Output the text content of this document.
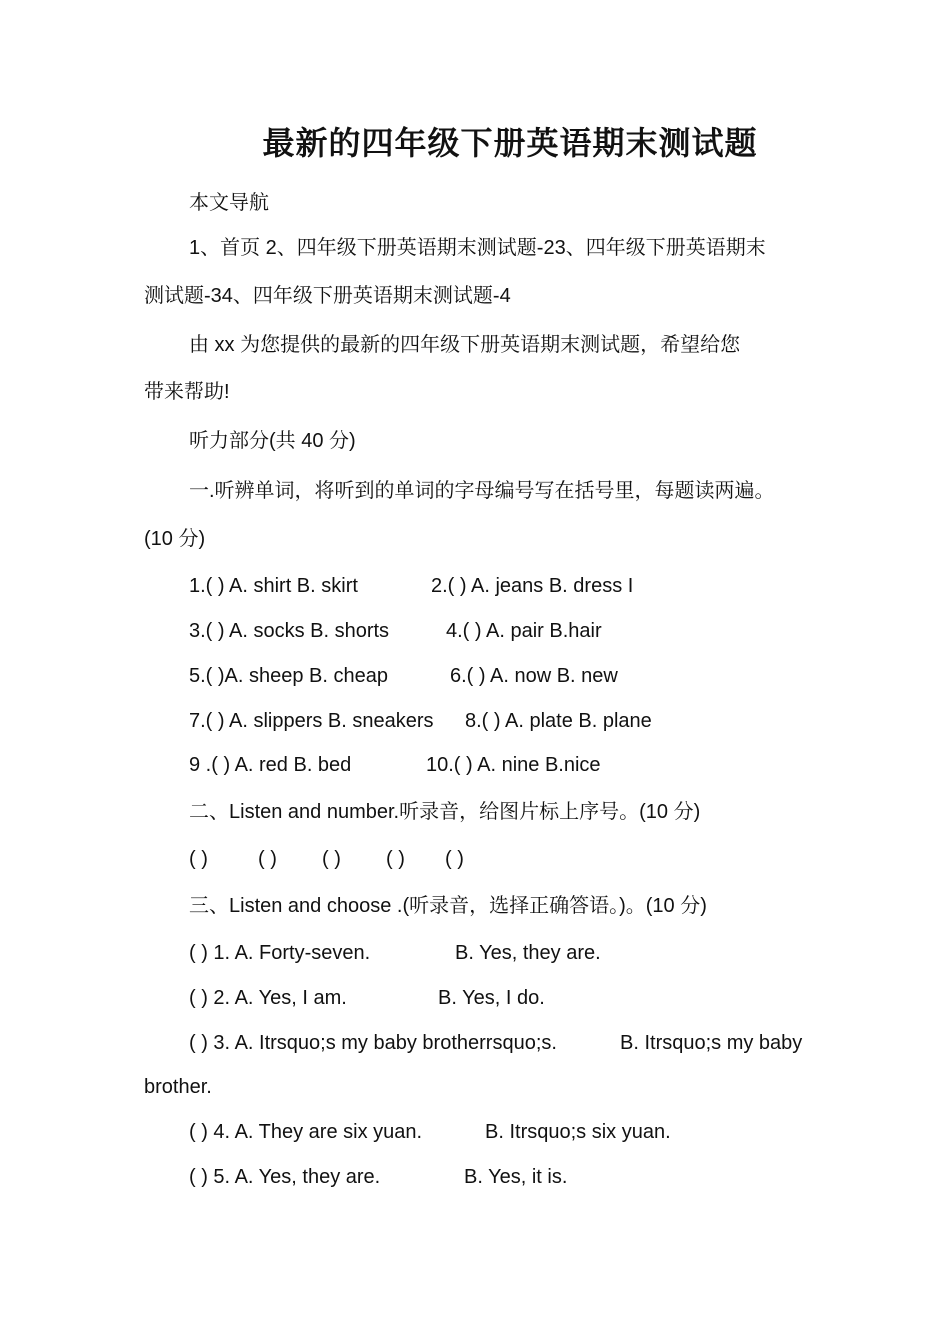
最新的四年级下册英语期末测试题
本文导航
1、首页 2、四年级下册英语期末测试题-23、四年级下册英语期末
测试题-34、四年级下册英语期末测试题-4
由 xx 为您提供的最新的四年级下册英语期末测试题，希望给您
带来帮助!
听力部分(共 40 分)
一.听辨单词，将听到的单词的字母编号写在括号里，每题读两遍。
(10 分)
1.( ) A. shirt B. skirt	2.( ) A. jeans B. dress I
3.( ) A. socks B. shorts	4.( ) A. pair B.hair
5.( )A. sheep B. cheap	6.( ) A. now B. new
7.( ) A. slippers B. sneakers 8.( ) A. plate B. plane
9 .( ) A. red B. bed	10.( ) A. nine B.nice
二、Listen and number.听录音，给图片标上序号。(10 分)
( )	( ) ( ) ( ) ( )
三、Listen and choose .(听录音，选择正确答语。)。(10 分)
( ) 1. A. Forty-seven.	B. Yes, they are.
( ) 2. A. Yes, I am.	B. Yes, I do.
( ) 3. A. Itrsquo;s my baby brotherrsquo;s.	B. Itrsquo;s my baby
brother.
( ) 4. A. They are six yuan.	B. Itrsquo;s six yuan.
( ) 5. A. Yes, they are.	B. Yes, it is.
